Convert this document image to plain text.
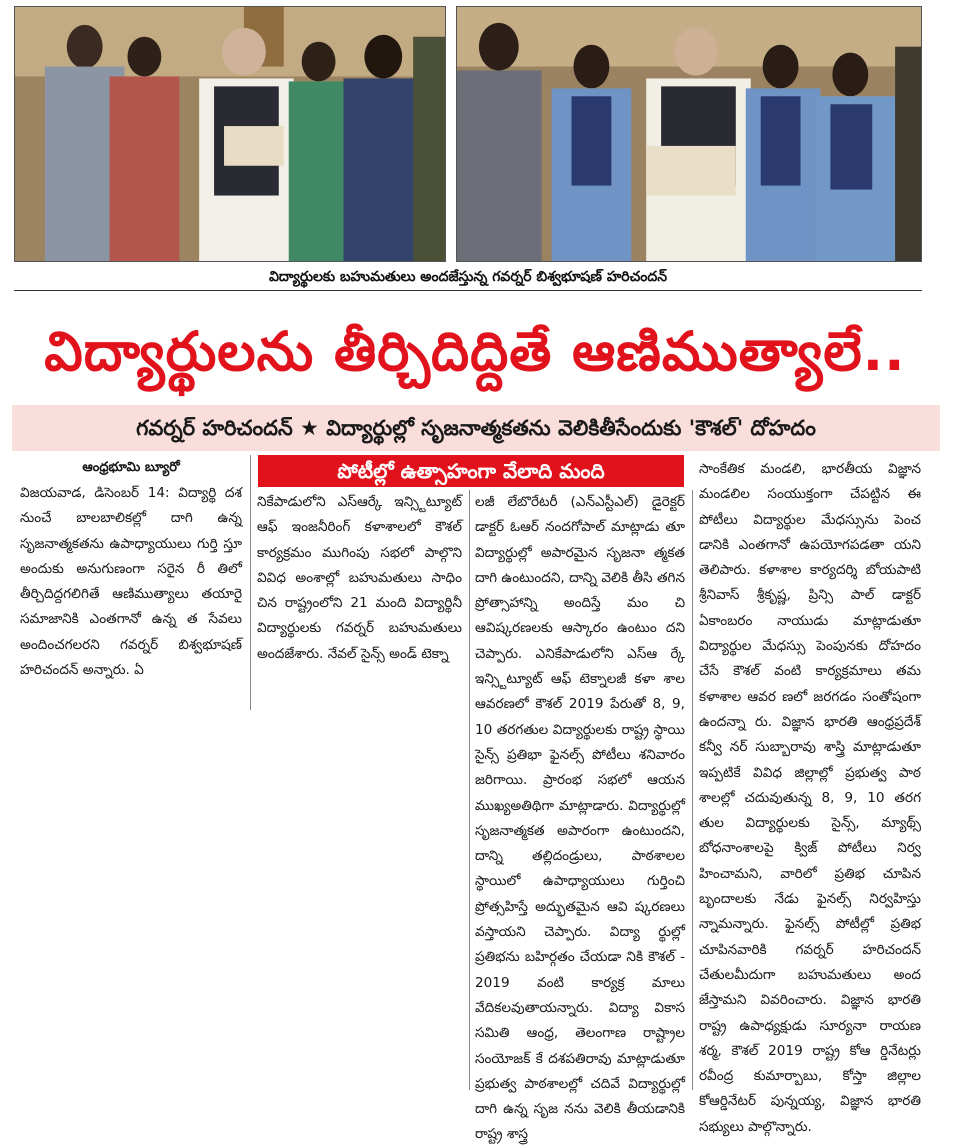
విద్యార్థులకు బహుమతులు అందజేస్తున్న గవర్నర్ బిశ్వభూషణ్ హరిచందన్
విద్యార్థులను తీర్చిదిద్దితే ఆణిముత్యాలే..
గవర్నర్ హరిచందన్ ★ విద్యార్థుల్లో సృజనాత్మకతను వెలికితీసేందుకు 'కౌశల్' దోహదం
పోటీల్లో ఉత్సాహంగా వేలాది మంది
ఆంధ్రభూమి బ్యూరో

విజయవాడ, డిసెంబర్ 14: విద్యార్థి దశ నుంచే బాలబాలికల్లో దాగి ఉన్న సృజనాత్మకతను ఉపాధ్యాయులు గుర్తి స్తూ అందుకు అనుగుణంగా సరైన రీ తిలో తీర్చిదిద్దగలిగితే ఆణిముత్యాలు తయారై సమాజానికి ఎంతగానో ఉన్న త సేవలు అందించగలరని గవర్నర్ బిశ్వభూషణ్ హరిచందన్ అన్నారు. ఏ

నికేపాడులోని ఎస్ఆర్కే ఇన్స్టిట్యూట్ ఆఫ్ ఇంజనీరింగ్ కళాశాలలో కౌశల్ కార్యక్రమం ముగింపు సభలో పాల్గొని వివిధ అంశాల్లో బహుమతులు సాధిం చిన రాష్ట్రంలోని 21 మంది విద్యార్థినీ విద్యార్థులకు గవర్నర్ బహుమతులు అందజేశారు. నేవల్ సైన్స్ అండ్ టెక్నా

లజీ లేబొరేటరీ (ఎన్ఎస్టీఎల్) డైరెక్టర్ డాక్టర్ ఓఆర్ నందగోపాల్ మాట్లాడు తూ విద్యార్థుల్లో అపారమైన సృజనా త్మకత దాగి ఉంటుందని, దాన్ని వెలికి తీసి తగిన ప్రోత్సాహాన్ని అందిస్తే మం చి ఆవిష్కరణలకు ఆస్కారం ఉంటుం దని చెప్పారు. ఎనికేపాడులోని ఎస్ఆ ర్కే ఇన్స్టిట్యూట్ ఆఫ్ టెక్నాలజీ కళా శాల ఆవరణలో కౌశల్ 2019 పేరుతో 8, 9, 10 తరగతుల విద్యార్థులకు రాష్ట్ర స్థాయి సైన్స్ ప్రతిభా ఫైనల్స్ పోటీలు శనివారం జరిగాయి. ప్రారంభ సభలో ఆయన ముఖ్యఅతిథిగా మాట్లాడారు. విద్యార్థుల్లో సృజనాత్మకత అపారంగా ఉంటుందని, దాన్ని తల్లిదండ్రులు, పాఠశాలల స్థాయిలో ఉపాధ్యాయులు గుర్తించి ప్రోత్సహిస్తే అద్భుతమైన ఆవి ష్కరణలు వస్తాయని చెప్పారు. విద్యా ర్థుల్లో ప్రతిభను బహిర్గతం చేయడా నికి కౌశల్ - 2019 వంటి కార్యక్ర మాలు వేదికలవుతాయన్నారు. విద్యా వికాస సమితి ఆంధ్ర, తెలంగాణ రాష్ట్రాల సంయోజక్ కే దశపతిరావు మాట్లాడుతూ ప్రభుత్వ పాఠశాలల్లో చదివే విద్యార్థుల్లో దాగి ఉన్న సృజ నను వెలికి తీయడానికి రాష్ట్ర శాస్త్ర

సాంకేతిక మండలి, భారతీయ విజ్ఞాన మండలిల సంయుక్తంగా చేపట్టిన ఈ పోటీలు విద్యార్థుల మేధస్సును పెంచ డానికి ఎంతగానో ఉపయోగపడతా యని తెలిపారు. కళాశాల కార్యదర్శి బోయపాటి శ్రీనివాస్ శ్రీకృష్ణ, ప్రిన్సి పాల్ డాక్టర్ ఏకాంబరం నాయుడు మాట్లాడుతూ విద్యార్థుల మేధస్సు పెంపునకు దోహదం చేసే కౌశల్ వంటి కార్యక్రమాలు తమ కళాశాల ఆవర ణలో జరగడం సంతోషంగా ఉందన్నా రు. విజ్ఞాన భారతి ఆంధ్రప్రదేశ్ కన్వీ నర్ సుబ్బారావు శాస్త్రి మాట్లాడుతూ ఇప్పటికే వివిధ జిల్లాల్లో ప్రభుత్వ పాఠ శాలల్లో చదువుతున్న 8, 9, 10 తరగ తుల విద్యార్థులకు సైన్స్, మ్యాథ్స్ బోధనాంశాలపై క్విజ్ పోటీలు నిర్వ హించామని, వారిలో ప్రతిభ చూపిన బృందాలకు నేడు ఫైనల్స్ నిర్వహిస్తు న్నామన్నారు. ఫైనల్స్ పోటీల్లో ప్రతిభ చూపినవారికి గవర్నర్ హరిచందన్ చేతులమీదుగా బహుమతులు అంద జేస్తామని వివరించారు. విజ్ఞాన భారతి రాష్ట్ర ఉపాధ్యక్షుడు సూర్యనా రాయణ శర్మ, కౌశల్ 2019 రాష్ట్ర కోఆ ర్డినేటర్లు రవీంద్ర కుమార్బాబు, కోస్తా జిల్లాల కోఆర్డినేటర్ పున్నయ్య, విజ్ఞాన భారతి సభ్యులు పాల్గొన్నారు.
